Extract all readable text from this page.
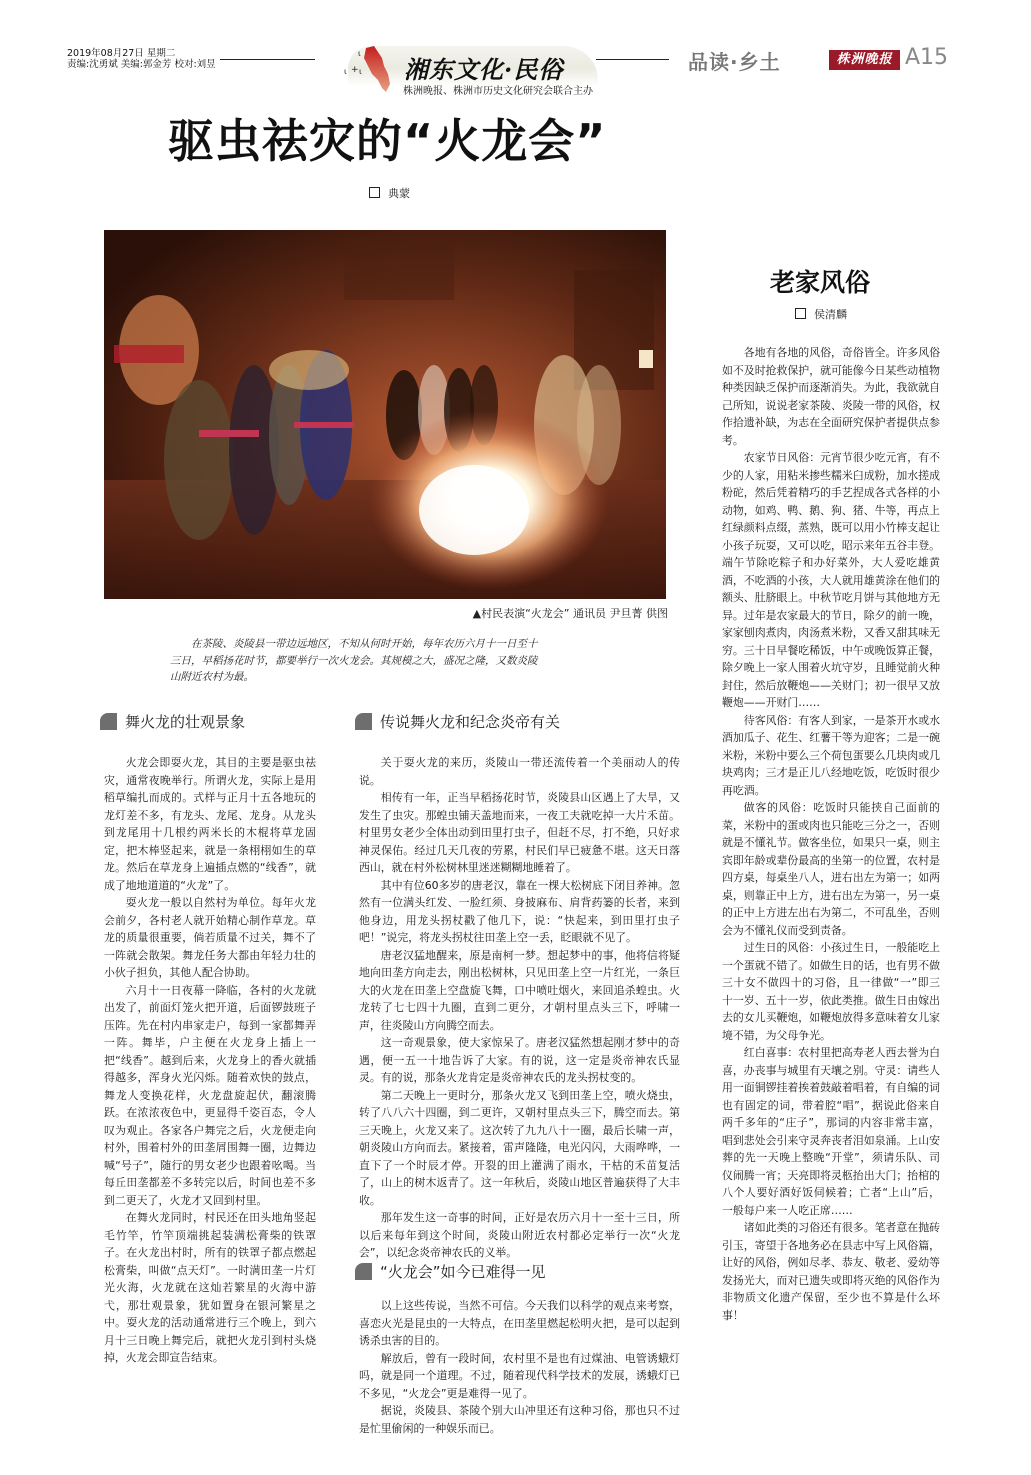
2019年08月27日 星期二
责编:沈勇斌 美编:郭金芳 校对:刘昱
ɩ +
ɩ
ɩ 湘东文化·民俗
株洲晚报、株洲市历史文化研究会联合主办
品读·乡土	株洲晚报 A15
驱虫祛灾的“火龙会”
典蒙
▲村民表演“火龙会” 通讯员 尹旦菁 供图
在茶陵、炎陵县一带边远地区，不知从何时开始，每年农历六月十一日至十三日，早稻扬花时节，都要举行一次火龙会。其规模之大，盛况之隆，又数炎陵山附近农村为最。
舞火龙的壮观景象

火龙会即耍火龙，其目的主要是驱虫祛灾，通常夜晚举行。所谓火龙，实际上是用稻草编扎而成的。式样与正月十五各地玩的龙灯差不多，有龙头、龙尾、龙身。从龙头到龙尾用十几根约两米长的木棍将草龙固定，把木棒竖起来，就是一条栩栩如生的草龙。然后在草龙身上遍插点燃的“线香”，就成了地地道道的“火龙”了。

耍火龙一般以自然村为单位。每年火龙会前夕，各村老人就开始精心制作草龙。草龙的质量很重要，倘若质量不过关，舞不了一阵就会散架。舞龙任务大都由年轻力壮的小伙子担负，其他人配合协助。

六月十一日夜幕一降临，各村的火龙就出发了，前面灯笼火把开道，后面锣鼓班子压阵。先在村内串家走户，每到一家都舞弄一阵。舞毕，户主便在火龙身上插上一把“线香”。越到后来，火龙身上的香火就插得越多，浑身火光闪烁。随着欢快的鼓点，舞龙人变换花样，火龙盘旋起伏，翻滚腾跃。在浓浓夜色中，更显得千姿百态，令人叹为观止。各家各户舞完之后，火龙便走向村外，围着村外的田垄屑围舞一圈，边舞边喊“号子”，随行的男女老少也跟着吆喝。当每丘田垄都差不多转完以后，时间也差不多到二更天了，火龙才又回到村里。

在舞火龙同时，村民还在田头地角竖起毛竹竿，竹竿顶端挑起装满松膏柴的铁罩子。在火龙出村时，所有的铁罩子都点燃起松膏柴，叫做“点天灯”。一时满田垄一片灯光火海，火龙就在这灿若繁星的火海中游弋，那壮观景象，犹如置身在银河繁星之中。耍火龙的活动通常进行三个晚上，到六月十三日晚上舞完后，就把火龙引到村头烧掉，火龙会即宣告结束。

传说舞火龙和纪念炎帝有关

关于耍火龙的来历，炎陵山一带还流传着一个美丽动人的传说。

相传有一年，正当早稻扬花时节，炎陵县山区遇上了大旱，又发生了虫灾。那蝗虫铺天盖地而来，一夜工夫就吃掉一大片禾苗。村里男女老少全体出动到田里打虫子，但赶不尽，打不绝，只好求神灵保佑。经过几天几夜的劳累，村民们早已疲惫不堪。这天日落西山，就在村外松树林里迷迷糊糊地睡着了。

其中有位60多岁的唐老汉，靠在一棵大松树底下闭目养神。忽然有一位满头红发、一脸红须、身披麻布、肩背药篓的长者，来到他身边，用龙头拐杖戳了他几下，说：“快起来，到田里打虫子吧！”说完，将龙头拐杖往田垄上空一丢，眨眼就不见了。

唐老汉猛地醒来，原是南柯一梦。想起梦中的事，他将信将疑地向田垄方向走去，刚出松树林，只见田垄上空一片红光，一条巨大的火龙在田垄上空盘旋飞舞，口中喷吐烟火，来回追杀蝗虫。火龙转了七七四十九圈，直到二更分，才朝村里点头三下，呼啸一声，往炎陵山方向腾空而去。

这一奇观景象，使大家惊呆了。唐老汉猛然想起刚才梦中的奇遇，便一五一十地告诉了大家。有的说，这一定是炎帝神农氏显灵。有的说，那条火龙肯定是炎帝神农氏的龙头拐杖变的。

第二天晚上一更时分，那条火龙又飞到田垄上空，喷火烧虫，转了八八六十四圈，到二更许，又朝村里点头三下，腾空而去。第三天晚上，火龙又来了。这次转了九九八十一圈，最后长啸一声，朝炎陵山方向而去。紧接着，雷声隆隆，电光闪闪，大雨哗哗，一直下了一个时辰才停。开裂的田上灌满了雨水，干枯的禾苗复活了，山上的树木返青了。这一年秋后，炎陵山地区普遍获得了大丰收。

那年发生这一奇事的时间，正好是农历六月十一至十三日，所以后来每年到这个时间，炎陵山附近农村都必定举行一次“火龙会”，以纪念炎帝神农氏的义举。

“火龙会”如今已难得一见

以上这些传说，当然不可信。今天我们以科学的观点来考察，喜恋火光是昆虫的一大特点，在田垄里燃起松明火把，是可以起到诱杀虫害的目的。

解放后，曾有一段时间，农村里不是也有过煤油、电管诱蛾灯吗，就是同一个道理。不过，随着现代科学技术的发展，诱蛾灯已不多见，“火龙会”更是难得一见了。

据说，炎陵县、茶陵个别大山冲里还有这种习俗，那也只不过是忙里偷闲的一种娱乐而已。

老家风俗
侯清麟

各地有各地的风俗，奇俗皆全。许多风俗如不及时抢救保护，就可能像今日某些动植物种类因缺乏保护而逐渐消失。为此，我欲就自己所知，说说老家茶陵、炎陵一带的风俗，权作拾遗补缺，为志在全面研究保护者提供点参考。

农家节日风俗：元宵节很少吃元宵，有不少的人家，用粘米掺些糯米臼成粉，加水搓成粉砣，然后凭着精巧的手艺捏成各式各样的小动物，如鸡、鸭、鹅、狗、猪、牛等，再点上红绿颜料点缀，蒸熟，既可以用小竹棒支起让小孩子玩耍，又可以吃，昭示来年五谷丰登。端午节除吃粽子和办好菜外，大人爱吃雄黄酒，不吃酒的小孩，大人就用雄黄涂在他们的额头、肚脐眼上。中秋节吃月饼与其他地方无异。过年是农家最大的节日，除夕的前一晚，家家刨肉煮肉，肉汤煮米粉，又香又甜其味无穷。三十日早餐吃稀饭，中午或晚饭算正餐，除夕晚上一家人围着火坑守岁，且睡觉前火种封住，然后放鞭炮——关财门；初一很早又放鞭炮——开财门……

待客风俗：有客人到家，一是茶开水或水酒加瓜子、花生、红薯干等为迎客；二是一碗米粉，米粉中要么三个荷包蛋要么几块肉或几块鸡肉；三才是正儿八经地吃饭，吃饭时很少再吃酒。

做客的风俗：吃饭时只能挟自己面前的菜，米粉中的蛋或肉也只能吃三分之一，否则就是不懂礼节。做客坐位，如果只一桌，则主宾即年龄或辈份最高的坐第一的位置，农村是四方桌，每桌坐八人，进右出左为第一；如两桌，则靠正中上方，进右出左为第一，另一桌的正中上方进左出右为第二，不可乱坐，否则会为不懂礼仪而受到责备。

过生日的风俗：小孩过生日，一般能吃上一个蛋就不错了。如做生日的话，也有男不做三十女不做四十的习俗，且一律做“一”即三十一岁、五十一岁，依此类推。做生日由嫁出去的女儿买鞭炮，如鞭炮放得多意味着女儿家境不错，为父母争光。

红白喜事：农村里把高寿老人西去誉为白喜，办丧事与城里有天壤之别。守灵：请些人用一面铜锣挂着挨着鼓敲着唱着，有自编的词也有固定的词，带着腔“唱”，据说此俗来自两千多年的“庄子”，那词的内容非常丰富，唱到悲处会引来守灵奔丧者泪如泉涌。上山安葬的先一天晚上整晚“开堂”，须请乐队、司仪闹腾一宵；天亮即将灵柩抬出大门；抬棺的八个人要好酒好饭伺候着；亡者“上山”后，一般每户来一人吃正席……

诸如此类的习俗还有很多。笔者意在抛砖引玉，寄望于各地务必在县志中写上风俗篇，让好的风俗，例如尽孝、恭友、敬老、爱幼等发扬光大，而对已遗失或即将灭绝的风俗作为非物质文化遗产保留，至少也不算是什么坏事！
